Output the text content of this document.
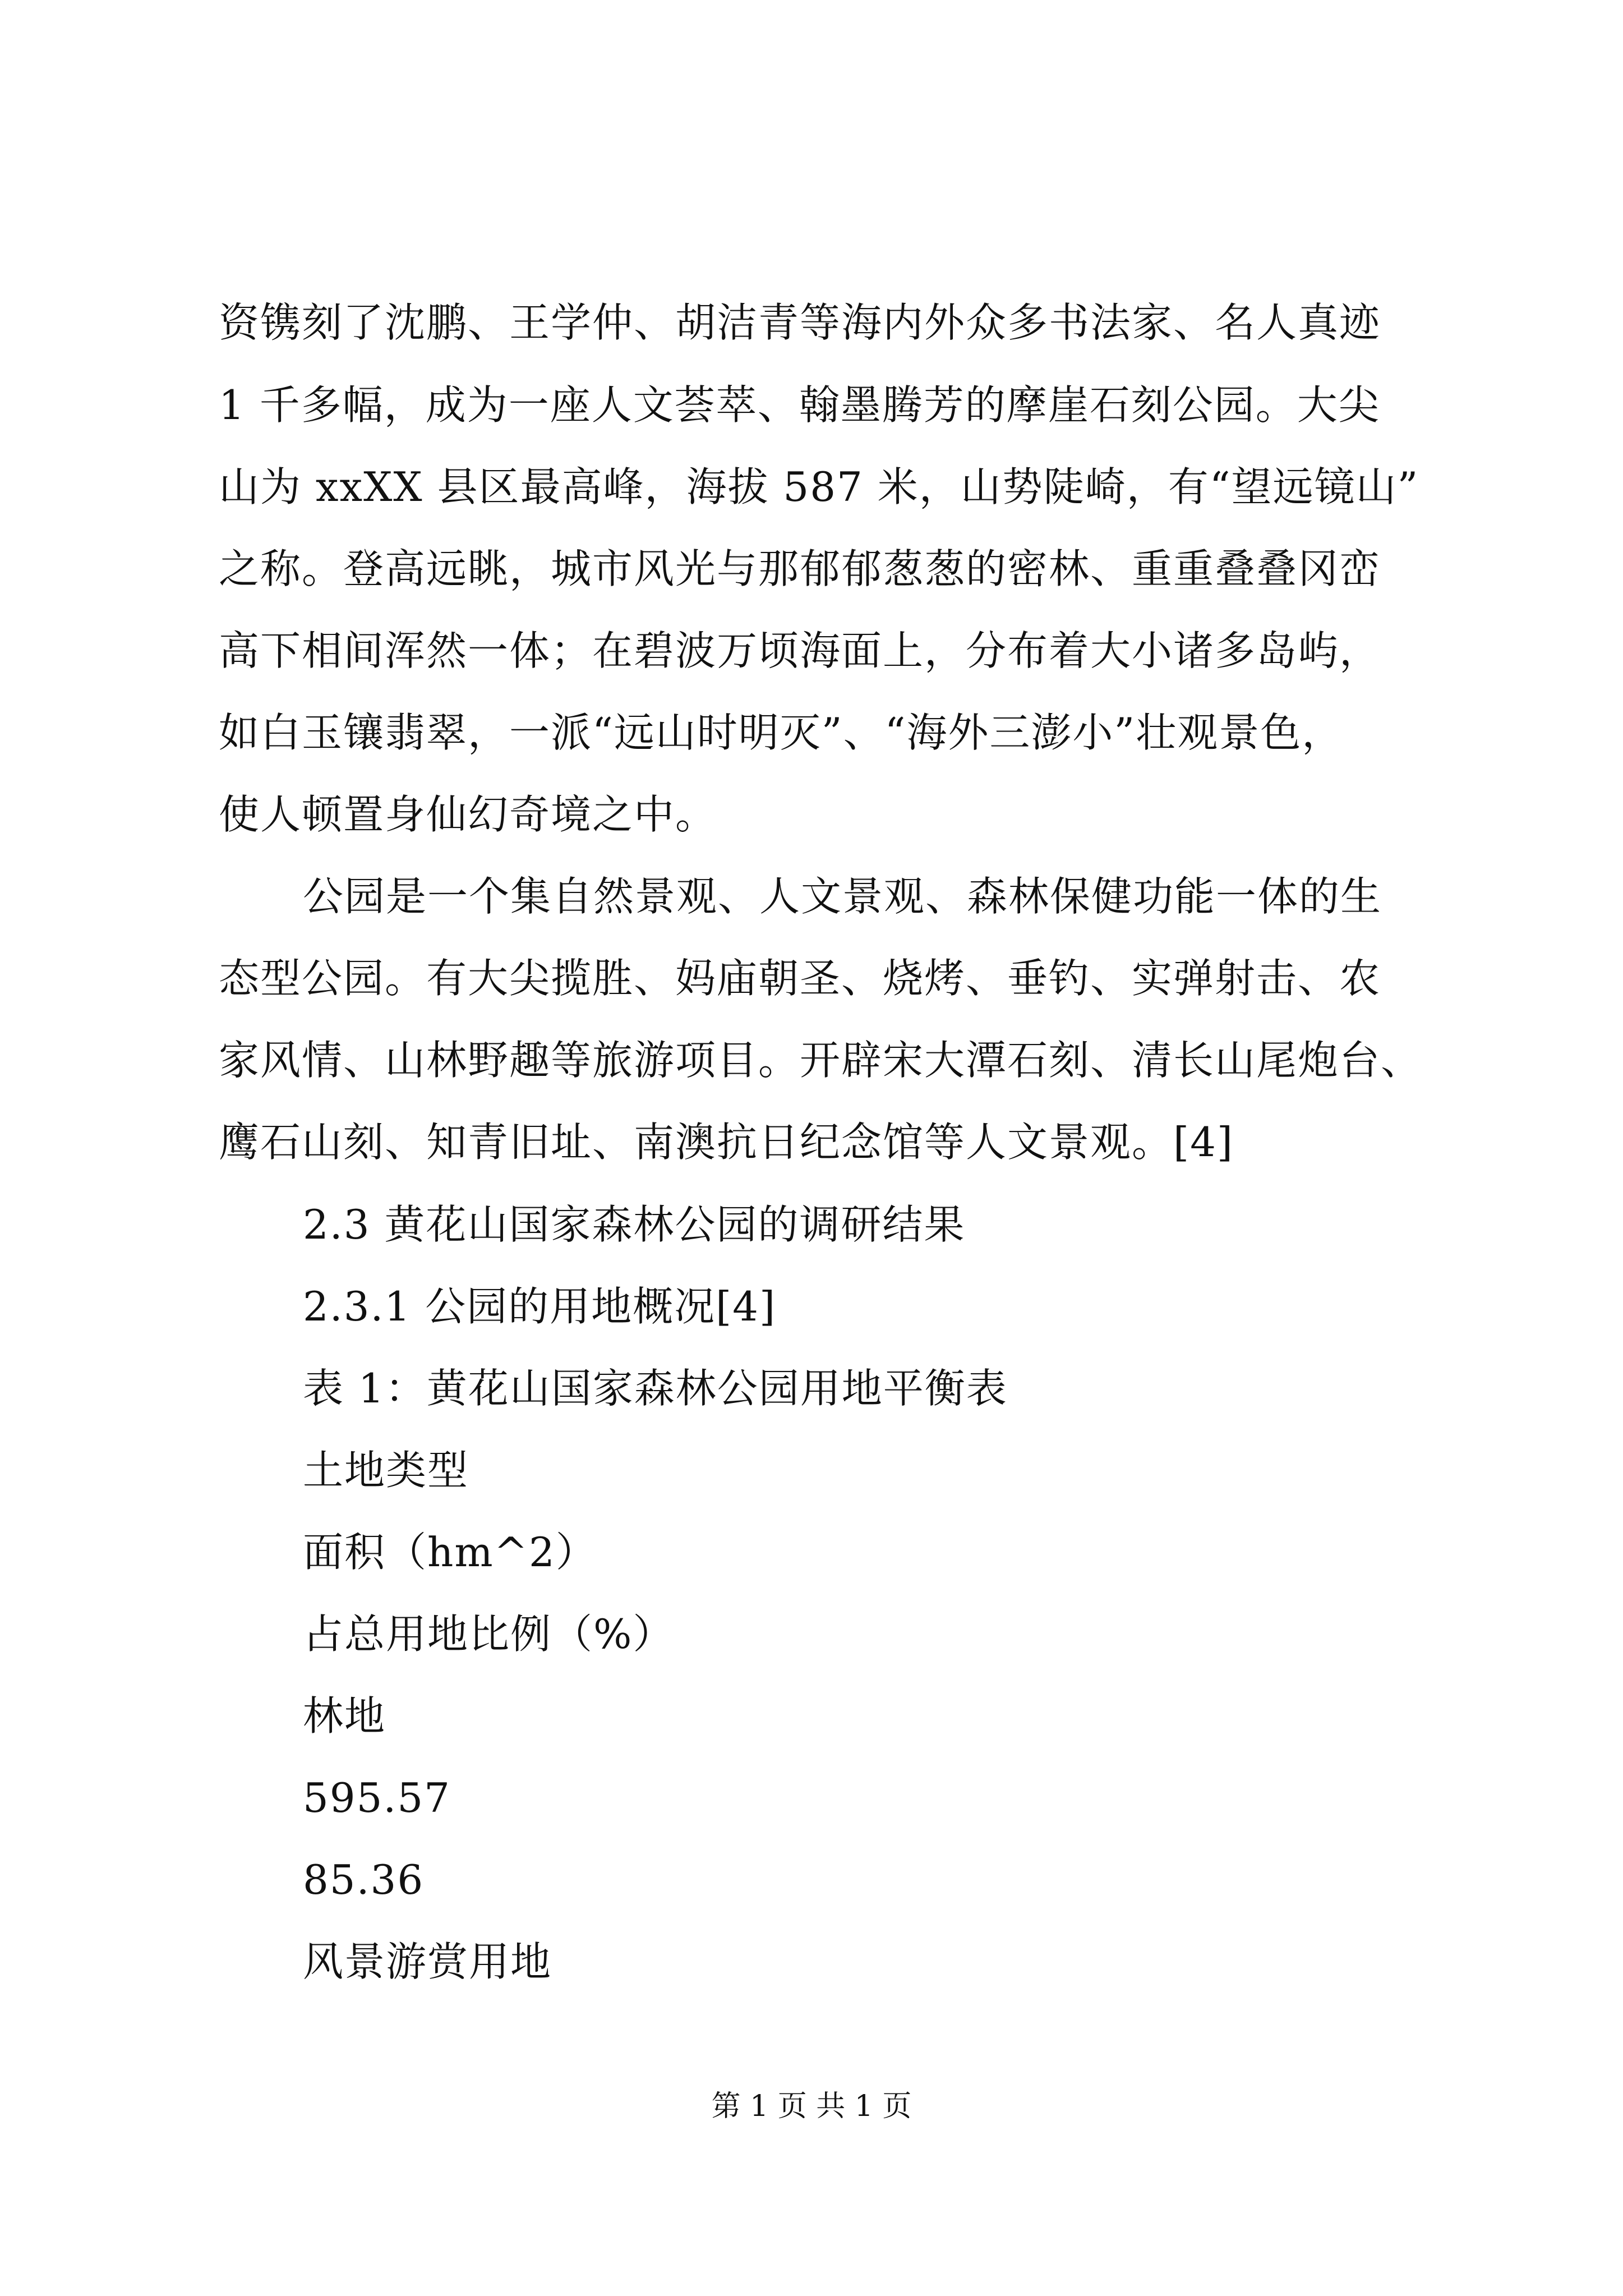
资镌刻了沈鹏、王学仲、胡洁青等海内外众多书法家、名人真迹
1 千多幅，成为一座人文荟萃、翰墨腾芳的摩崖石刻公园。大尖
山为 xxXX 县区最高峰，海拔 587 米，山势陡崎，有“望远镜山”
之称。登高远眺，城市风光与那郁郁葱葱的密林、重重叠叠冈峦
高下相间浑然一体；在碧波万顷海面上，分布着大小诸多岛屿，
如白玉镶翡翠，一派“远山时明灭”、“海外三澎小”壮观景色，
使人顿置身仙幻奇境之中。
公园是一个集自然景观、人文景观、森林保健功能一体的生
态型公园。有大尖揽胜、妈庙朝圣、烧烤、垂钓、实弹射击、农
家风情、山林野趣等旅游项目。开辟宋大潭石刻、清长山尾炮台、
鹰石山刻、知青旧址、南澳抗日纪念馆等人文景观。[4]
2.3 黄花山国家森林公园的调研结果
2.3.1 公园的用地概况[4]
表 1：黄花山国家森林公园用地平衡表
土地类型
面积（hm^2）
占总用地比例（%）
林地
595.57
85.36
风景游赏用地
第 1 页 共 1 页
